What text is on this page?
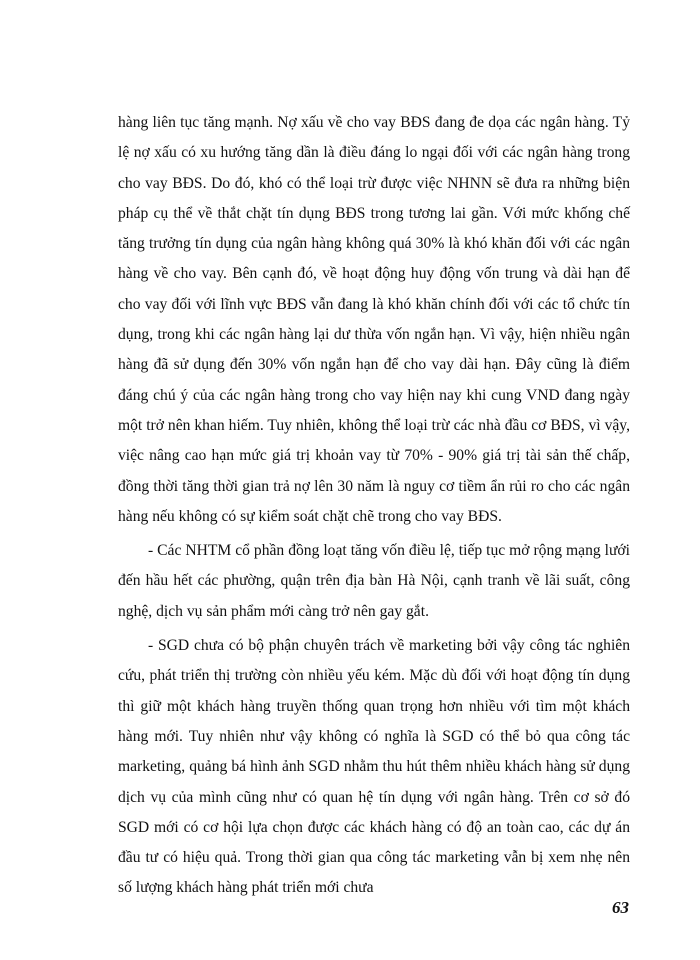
hàng liên tục tăng mạnh. Nợ xấu về cho vay BĐS đang đe dọa các ngân hàng. Tỷ lệ nợ xấu có xu hướng tăng dần là điều đáng lo ngại đối với các ngân hàng trong cho vay BĐS. Do đó, khó có thể loại trừ được việc NHNN sẽ đưa ra những biện pháp cụ thể về thắt chặt tín dụng BĐS trong tương lai gần. Với mức khống chế tăng trưởng tín dụng của ngân hàng không quá 30% là khó khăn đối với các ngân hàng về cho vay. Bên cạnh đó, về hoạt động huy động vốn trung và dài hạn để cho vay đối với lĩnh vực BĐS vẫn đang là khó khăn chính đối với các tổ chức tín dụng, trong khi các ngân hàng lại dư thừa vốn ngắn hạn. Vì vậy, hiện nhiều ngân hàng đã sử dụng đến 30% vốn ngắn hạn để cho vay dài hạn. Đây cũng là điểm đáng chú ý của các ngân hàng trong cho vay hiện nay khi cung VND đang ngày một trở nên khan hiếm. Tuy nhiên, không thể loại trừ các nhà đầu cơ BĐS, vì vậy, việc nâng cao hạn mức giá trị khoản vay từ 70% - 90% giá trị tài sản thế chấp, đồng thời tăng thời gian trả nợ lên 30 năm là nguy cơ tiềm ẩn rủi ro cho các ngân hàng nếu không có sự kiểm soát chặt chẽ trong cho vay BĐS.

- Các NHTM cổ phần đồng loạt tăng vốn điều lệ, tiếp tục mở rộng mạng lưới đến hầu hết các phường, quận trên địa bàn Hà Nội, cạnh tranh về lãi suất, công nghệ, dịch vụ sản phẩm mới càng trở nên gay gắt.

- SGD chưa có bộ phận chuyên trách về marketing bởi vậy công tác nghiên cứu, phát triển thị trường còn nhiều yếu kém. Mặc dù đối với hoạt động tín dụng thì giữ một khách hàng truyền thống quan trọng hơn nhiều với tìm một khách hàng mới. Tuy nhiên như vậy không có nghĩa là SGD có thể bỏ qua công tác marketing, quảng bá hình ảnh SGD nhằm thu hút thêm nhiều khách hàng sử dụng dịch vụ của mình cũng như có quan hệ tín dụng với ngân hàng. Trên cơ sở đó SGD mới có cơ hội lựa chọn được các khách hàng có độ an toàn cao, các dự án đầu tư có hiệu quả. Trong thời gian qua công tác marketing vẫn bị xem nhẹ nên số lượng khách hàng phát triển mới chưa

63
